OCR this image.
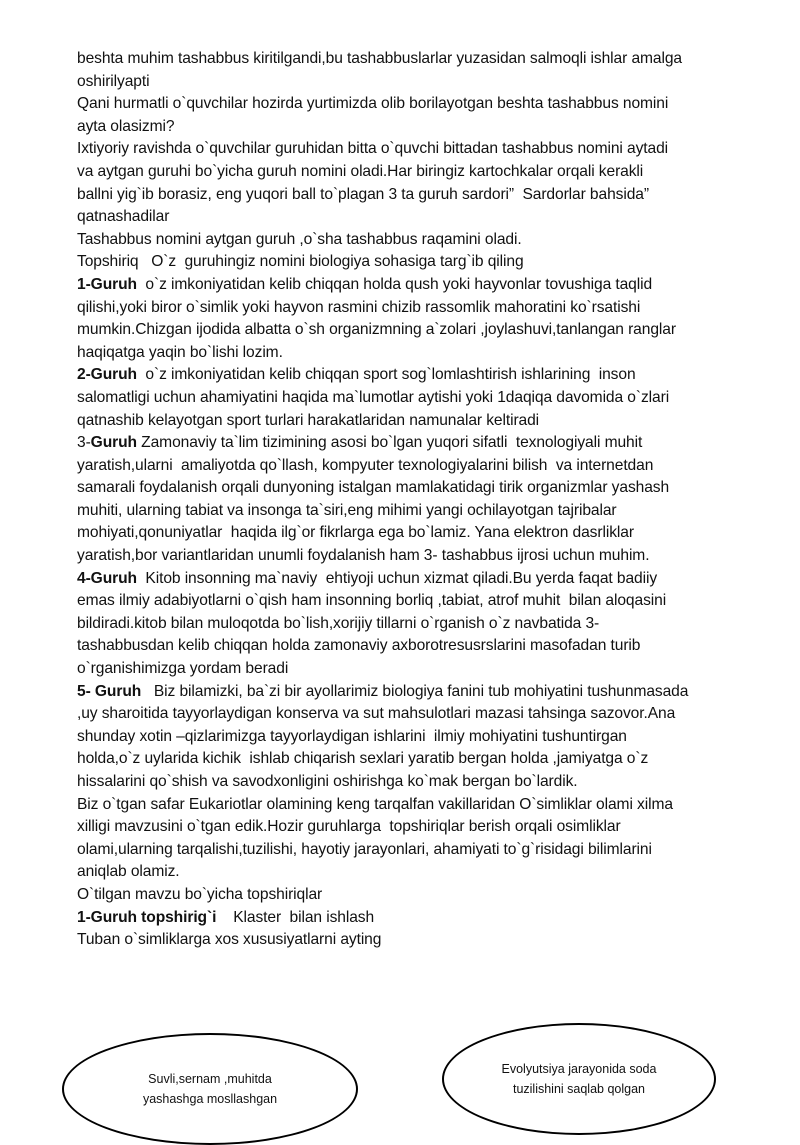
beshta muhim tashabbus kiritilgandi,bu tashabbuslarlar yuzasidan salmoqli ishlar amalga
oshirilyapti
Qani hurmatli o`quvchilar hozirda yurtimizda olib borilayotgan beshta tashabbus nomini
ayta olasizmi?
Ixtiyoriy ravishda o`quvchilar guruhidan bitta o`quvchi bittadan tashabbus nomini aytadi
va aytgan guruhi bo`yicha guruh nomini oladi.Har biringiz kartochkalar orqali kerakli
ballni yig`ib borasiz, eng yuqori ball to`plagan 3 ta guruh sardori”  Sardorlar bahsida”
qatnashadilar
Tashabbus nomini aytgan guruh ,o`sha tashabbus raqamini oladi.
Topshiriq   O`z  guruhingiz nomini biologiya sohasiga targ`ib qiling
1-Guruh  o`z imkoniyatidan kelib chiqqan holda qush yoki hayvonlar tovushiga taqlid
qilishi,yoki biror o`simlik yoki hayvon rasmini chizib rassomlik mahoratini ko`rsatishi
mumkin.Chizgan ijodida albatta o`sh organizmning a`zolari ,joylashuvi,tanlangan ranglar
haqiqatga yaqin bo`lishi lozim.
2-Guruh  o`z imkoniyatidan kelib chiqqan sport sog`lomlashtirish ishlarining  inson
salomatligi uchun ahamiyatini haqida ma`lumotlar aytishi yoki 1daqiqa davomida o`zlari
qatnashib kelayotgan sport turlari harakatlaridan namunalar keltiradi
3-Guruh Zamonaviy ta`lim tizimining asosi bo`lgan yuqori sifatli  texnologiyali muhit
yaratish,ularni  amaliyotda qo`llash, kompyuter texnologiyalarini bilish  va internetdan
samarali foydalanish orqali dunyoning istalgan mamlakatidagi tirik organizmlar yashash
muhiti, ularning tabiat va insonga ta`siri,eng mihimi yangi ochilayotgan tajribalar
mohiyati,qonuniyatlar  haqida ilg`or fikrlarga ega bo`lamiz. Yana elektron dasrliklar
yaratish,bor variantlaridan unumli foydalanish ham 3- tashabbus ijrosi uchun muhim.
4-Guruh  Kitob insonning ma`naviy  ehtiyoji uchun xizmat qiladi.Bu yerda faqat badiiy
emas ilmiy adabiyotlarni o`qish ham insonning borliq ,tabiat, atrof muhit  bilan aloqasini
bildiradi.kitob bilan muloqotda bo`lish,xorijiy tillarni o`rganish o`z navbatida 3-
tashabbusdan kelib chiqqan holda zamonaviy axborotresusrslarini masofadan turib
o`rganishimizga yordam beradi
5- Guruh   Biz bilamizki, ba`zi bir ayollarimiz biologiya fanini tub mohiyatini tushunmasada
,uy sharoitida tayyorlaydigan konserva va sut mahsulotlari mazasi tahsinga sazovor.Ana
shunday xotin –qizlarimizga tayyorlaydigan ishlarini  ilmiy mohiyatini tushuntirgan
holda,o`z uylarida kichik  ishlab chiqarish sexlari yaratib bergan holda ,jamiyatga o`z
hissalarini qo`shish va savodxonligini oshirishga ko`mak bergan bo`lardik.
Biz o`tgan safar Eukariotlar olamining keng tarqalfan vakillaridan O`simliklar olami xilma
xilligi mavzusini o`tgan edik.Hozir guruhlarga  topshiriqlar berish orqali osimliklar
olami,ularning tarqalishi,tuzilishi, hayotiy jarayonlari, ahamiyati to`g`risidagi bilimlarini
aniqlab olamiz.
O`tilgan mavzu bo`yicha topshiriqlar
1-Guruh topshirig`i    Klaster  bilan ishlash
Tuban o`simliklarga xos xususiyatlarni ayting
Suvli,sernam ,muhitda
yashashga mosllashgan
Evolyutsiya jarayonida soda
tuzilishini saqlab qolgan
